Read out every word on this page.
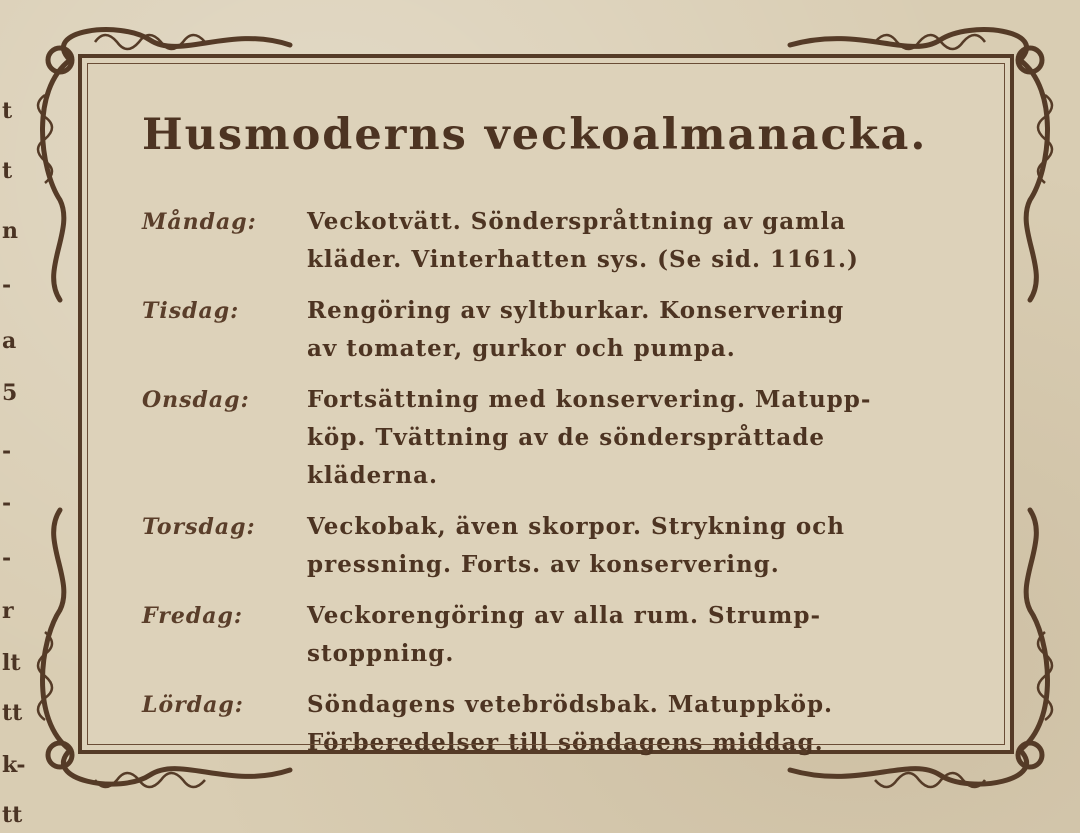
t
t
n
-
a
5
-
-
-
r
lt
tt
k-
tt
Husmoderns veckoalmanacka.
Måndag:	Veckotvätt. Sönderspråttning av gamla
kläder. Vinterhatten sys. (Se sid. 1161.)
Tisdag:	Rengöring av syltburkar. Konservering
av tomater, gurkor och pumpa.
Onsdag:	Fortsättning med konservering. Matupp-
köp. Tvättning av de sönderspråttade
kläderna.
Torsdag:	Veckobak, även skorpor. Strykning och
pressning. Forts. av konservering.
Fredag:	Veckorengöring av alla rum. Strump-
stoppning.
Lördag:	Söndagens vetebrödsbak. Matuppköp.
Förberedelser till söndagens middag.
